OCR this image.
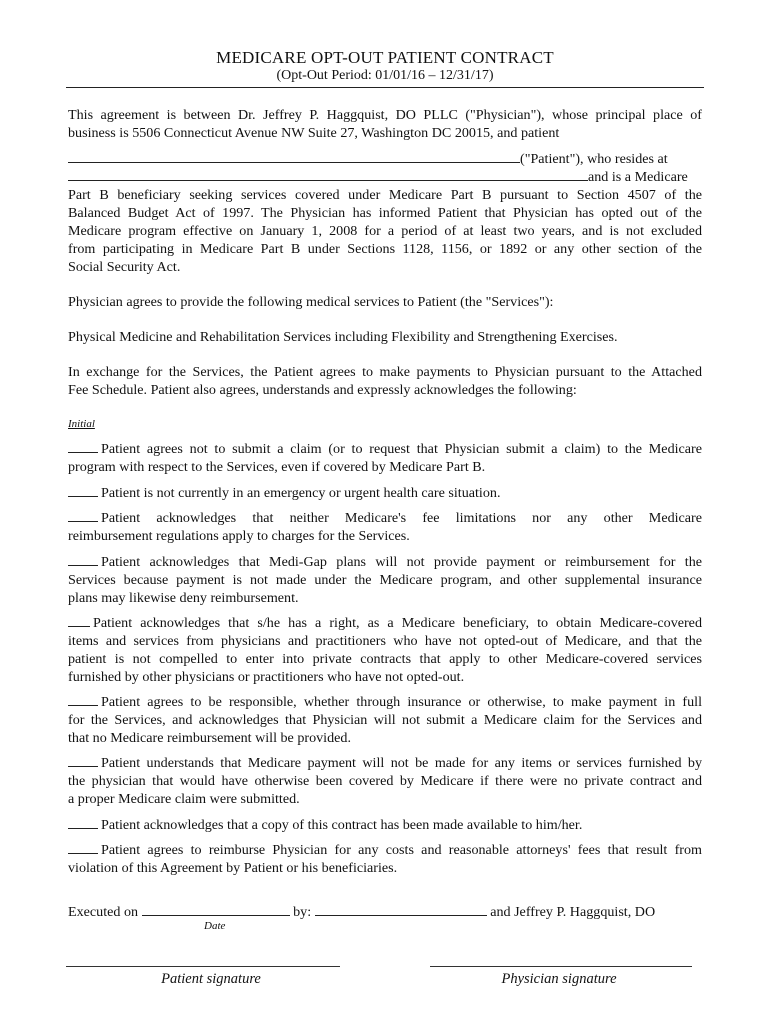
MEDICARE OPT-OUT PATIENT CONTRACT
(Opt-Out Period: 01/01/16 – 12/31/17)
This agreement is between Dr. Jeffrey P. Haggquist, DO PLLC ("Physician"), whose principal place of
business is 5506 Connecticut Avenue NW Suite 27, Washington DC 20015, and patient
("Patient"), who resides at
and is a Medicare
Part B beneficiary seeking services covered under Medicare Part B pursuant to Section 4507 of the
Balanced Budget Act of 1997. The Physician has informed Patient that Physician has opted out of the
Medicare program effective on January 1, 2008 for a period of at least two years, and is not excluded
from participating in Medicare Part B under Sections 1128, 1156, or 1892 or any other section of the
Social Security Act.
Physician agrees to provide the following medical services to Patient (the "Services"):
Physical Medicine and Rehabilitation Services including Flexibility and Strengthening Exercises.
In exchange for the Services, the Patient agrees to make payments to Physician pursuant to the Attached
Fee Schedule. Patient also agrees, understands and expressly acknowledges the following:
Initial
Patient agrees not to submit a claim (or to request that Physician submit a claim) to the Medicare
program with respect to the Services, even if covered by Medicare Part B.
Patient is not currently in an emergency or urgent health care situation.
Patient acknowledges that neither Medicare's fee limitations nor any other Medicare
reimbursement regulations apply to charges for the Services.
Patient acknowledges that Medi-Gap plans will not provide payment or reimbursement for the
Services because payment is not made under the Medicare program, and other supplemental insurance
plans may likewise deny reimbursement.
Patient acknowledges that s/he has a right, as a Medicare beneficiary, to obtain Medicare-covered
items and services from physicians and practitioners who have not opted-out of Medicare, and that the
patient is not compelled to enter into private contracts that apply to other Medicare-covered services
furnished by other physicians or practitioners who have not opted-out.
Patient agrees to be responsible, whether through insurance or otherwise, to make payment in full
for the Services, and acknowledges that Physician will not submit a Medicare claim for the Services and
that no Medicare reimbursement will be provided.
Patient understands that Medicare payment will not be made for any items or services furnished by
the physician that would have otherwise been covered by Medicare if there were no private contract and
a proper Medicare claim were submitted.
Patient acknowledges that a copy of this contract has been made available to him/her.
Patient agrees to reimburse Physician for any costs and reasonable attorneys' fees that result from
violation of this Agreement by Patient or his beneficiaries.
Executed on	by:	and Jeffrey P. Haggquist, DO
Date
Patient signature	Physician signature
